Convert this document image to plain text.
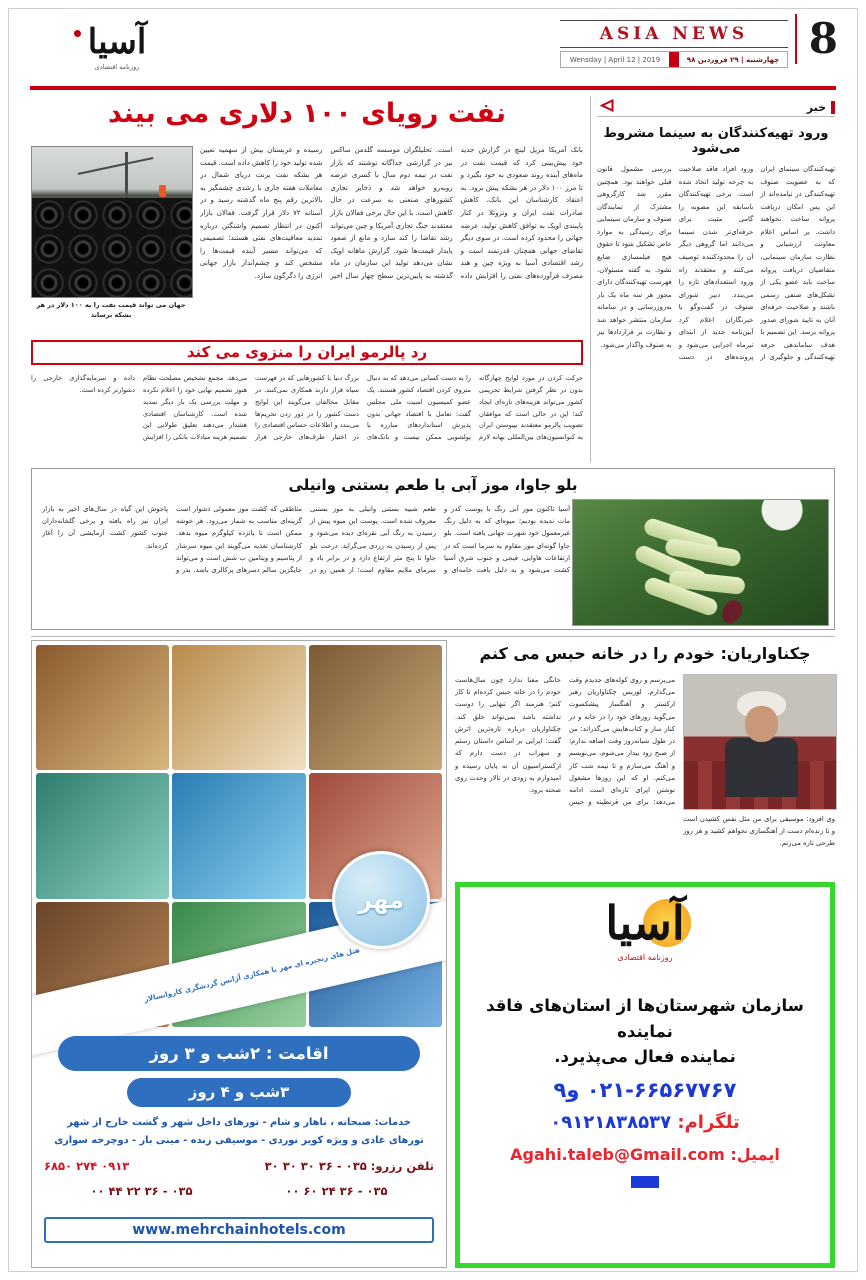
آسیا
روزنامه اقتصادی
ASIA NEWS
Wensday | April 12 | 2019	چهارشنبه | ۲۹ فروردین ۹۸ 8
خبر
ورود تهیه‌کنندگان به سینما مشروط می‌شود
تهیه‌کنندگان سینمای ایران که به عضویت صنوف تهیه‌کنندگی در نیامده‌اند از این پس امکان دریافت پروانه ساخت نخواهند داشت. بر اساس اعلام معاونت ارزشیابی و نظارت سازمان سینمایی، متقاضیان دریافت پروانه ساخت باید عضو یکی از تشکل‌های صنفی رسمی باشند و صلاحیت حرفه‌ای آنان به تایید شورای صدور پروانه برسد. این تصمیم با هدف ساماندهی حرفه تهیه‌کنندگی و جلوگیری از ورود افراد فاقد صلاحیت به چرخه تولید اتخاذ شده است. برخی تهیه‌کنندگان باسابقه این مصوبه را گامی مثبت برای حرفه‌ای‌تر شدن سینما می‌دانند اما گروهی دیگر آن را محدودکننده توصیف می‌کنند و معتقدند راه ورود استعدادهای تازه را می‌بندد. دبیر شورای صنوف در گفت‌وگو با خبرنگاران اعلام کرد آیین‌نامه جدید از ابتدای تیرماه اجرایی می‌شود و پرونده‌های در دست بررسی مشمول قانون قبلی خواهند بود. همچنین مقرر شد کارگروهی مشترک از نمایندگان صنوف و سازمان سینمایی برای رسیدگی به موارد خاص تشکیل شود تا حقوق هیچ فیلمسازی ضایع نشود. به گفته مسئولان، فهرست تهیه‌کنندگان دارای مجوز هر سه ماه یک بار به‌روزرسانی و در سامانه سازمان منتشر خواهد شد و نظارت بر قراردادها نیز به صنوف واگذار می‌شود.
نفت رویای ۱۰۰ دلاری می بیند
جهان می تواند قیمت نفت را به ۱۰۰ دلار در هر بشکه برساند
بانک آمریکا مریل لینچ در گزارش جدید خود پیش‌بینی کرد که قیمت نفت در ماه‌های آینده روند صعودی به خود بگیرد و تا مرز ۱۰۰ دلار در هر بشکه پیش برود. به اعتقاد کارشناسان این بانک، کاهش صادرات نفت ایران و ونزوئلا در کنار پایبندی اوپک به توافق کاهش تولید، عرضه جهانی را محدود کرده است. در سوی دیگر تقاضای جهانی همچنان قدرتمند است و رشد اقتصادی آسیا به ویژه چین و هند مصرف فرآورده‌های نفتی را افزایش داده است. تحلیلگران موسسه گلدمن ساکس نیز در گزارشی جداگانه نوشتند که بازار نفت در نیمه دوم سال با کسری عرضه روبه‌رو خواهد شد و ذخایر تجاری کشورهای صنعتی به سرعت در حال کاهش است. با این حال برخی فعالان بازار معتقدند جنگ تجاری آمریکا و چین می‌تواند رشد تقاضا را کند سازد و مانع از صعود پایدار قیمت‌ها شود. گزارش ماهانه اوپک نشان می‌دهد تولید این سازمان در ماه گذشته به پایین‌ترین سطح چهار سال اخیر رسیده و عربستان بیش از سهمیه تعیین شده تولید خود را کاهش داده است. قیمت هر بشکه نفت برنت دریای شمال در معاملات هفته جاری با رشدی چشمگیر به بالاترین رقم پنج ماه گذشته رسید و در آستانه ۷۲ دلار قرار گرفت. فعالان بازار اکنون در انتظار تصمیم واشنگتن درباره تمدید معافیت‌های نفتی هستند؛ تصمیمی که می‌تواند مسیر آینده قیمت‌ها را مشخص کند و چشم‌انداز بازار جهانی انرژی را دگرگون سازد.
رد پالرمو ایران را منزوی می کند
حرکت کردن در مورد لوایح چهارگانه بدون در نظر گرفتن شرایط تحریمی کشور می‌تواند هزینه‌های تازه‌ای ایجاد کند؛ این در حالی است که موافقان تصویب پالرمو معتقدند نپیوستن ایران به کنوانسیون‌های بین‌المللی بهانه لازم را به دست کسانی می‌دهد که به دنبال منزوی کردن اقتصاد کشور هستند. یک عضو کمیسیون امنیت ملی مجلس گفت: تعامل با اقتصاد جهانی بدون پذیرش استانداردهای مبارزه با پولشویی ممکن نیست و بانک‌های بزرگ دنیا با کشورهایی که در فهرست سیاه قرار دارند همکاری نمی‌کنند. در مقابل مخالفان می‌گویند این لوایح دست کشور را در دور زدن تحریم‌ها می‌بندد و اطلاعات حساس اقتصادی را در اختیار طرف‌های خارجی قرار می‌دهد. مجمع تشخیص مصلحت نظام هنوز تصمیم نهایی خود را اعلام نکرده و مهلت بررسی یک بار دیگر تمدید شده است. کارشناسان اقتصادی هشدار می‌دهند تعلیق طولانی این تصمیم هزینه مبادلات بانکی را افزایش داده و سرمایه‌گذاری خارجی را دشوارتر کرده است.
بلو جاوا، موز آبی با طعم بستنی وانیلی
آسیا تاکنون موز آبی رنگ با پوست کدر و مات ندیده بودیم؛ میوه‌ای که به دلیل رنگ غیرمعمول خود شهرت جهانی یافته است. بلو جاوا گونه‌ای موز مقاوم به سرما است که در ارتفاعات هاوایی، فیجی و جنوب شرق آسیا کشت می‌شود و به دلیل بافت خامه‌ای و طعم شبیه بستنی وانیلی به موز بستنی معروف شده است. پوست این میوه پیش از رسیدن به رنگ آبی نقره‌ای دیده می‌شود و پس از رسیدن به زردی می‌گراید. درخت بلو جاوا تا پنج متر ارتفاع دارد و در برابر باد و سرمای ملایم مقاوم است؛ از همین رو در مناطقی که کشت موز معمولی دشوار است گزینه‌ای مناسب به شمار می‌رود. هر خوشه ممکن است تا پانزده کیلوگرم میوه بدهد. کارشناسان تغذیه می‌گویند این میوه سرشار از پتاسیم و ویتامین ب شش است و می‌تواند جایگزین سالم دسرهای پرکالری باشد. بذر و پاجوش این گیاه در سال‌های اخیر به بازار ایران نیز راه یافته و برخی گلخانه‌داران جنوب کشور کشت آزمایشی آن را آغاز کرده‌اند.
چکناواریان: خودم را در خانه حبس می کنم
می‌پرسم و روی کوله‌های جدیدم وقت می‌گذارم. لوریس چکناواریان رهبر ارکستر و آهنگساز پیشکسوت می‌گوید روزهای خود را در خانه و در کنار ساز و کتاب‌هایش می‌گذراند: من در طول شبانه‌روز وقت اضافه ندارم؛ از صبح زود بیدار می‌شوم، می‌نویسم و آهنگ می‌سازم و تا نیمه شب کار می‌کنم. او که این روزها مشغول نوشتن اپرای تازه‌ای است ادامه می‌دهد: برای من قرنطینه و حبس خانگی معنا ندارد چون سال‌هاست خودم را در خانه حبس کرده‌ام تا کار کنم؛ هنرمند اگر تنهایی را دوست نداشته باشد نمی‌تواند خلق کند. چکناواریان درباره تازه‌ترین اثرش گفت: اپرایی بر اساس داستان رستم و سهراب در دست دارم که ارکستراسیون آن به پایان رسیده و امیدوارم به زودی در تالار وحدت روی صحنه برود.
وی افزود: موسیقی برای من مثل نفس کشیدن است و تا زنده‌ام دست از آهنگسازی نخواهم کشید و هر روز طرحی تازه می‌زنم.
هتل های زنجیره ای مهر با همکاری آژانس گردشگری کاروانسالار
مهر
اقامت : ۲شب و ۳ روز
۳شب و ۴ روز
خدمات: صبحانه ، ناهار و شام - تورهای داخل شهر و گشت خارج از شهر
تورهای عادی و ویژه کویر نوردی - موسیقی زنده - مینی بار - دوچرخه سواری
تلفن رزرو: ۰۳۵ - ۳۶ ۳۰ ۳۰ ۳۰
۰۹۱۳ ۲۷۴ ۶۸۵۰
۰۳۵ - ۳۶ ۲۴ ۶۰ ۰۰
۰۳۵ - ۳۶ ۲۲ ۴۴ ۰۰
www.mehrchainhotels.com
آسیا
روزنامه اقتصادی
سازمان شهرستان‌ها از استان‌های فاقد نماینده
نماینده فعال می‌پذیرد.
۰۲۱-۶۶۵۶۷۷۶۷ و۹
تلگرام: ۰۹۱۲۱۸۳۸۵۳۷
ایمیل: Agahi.taleb@Gmail.com
